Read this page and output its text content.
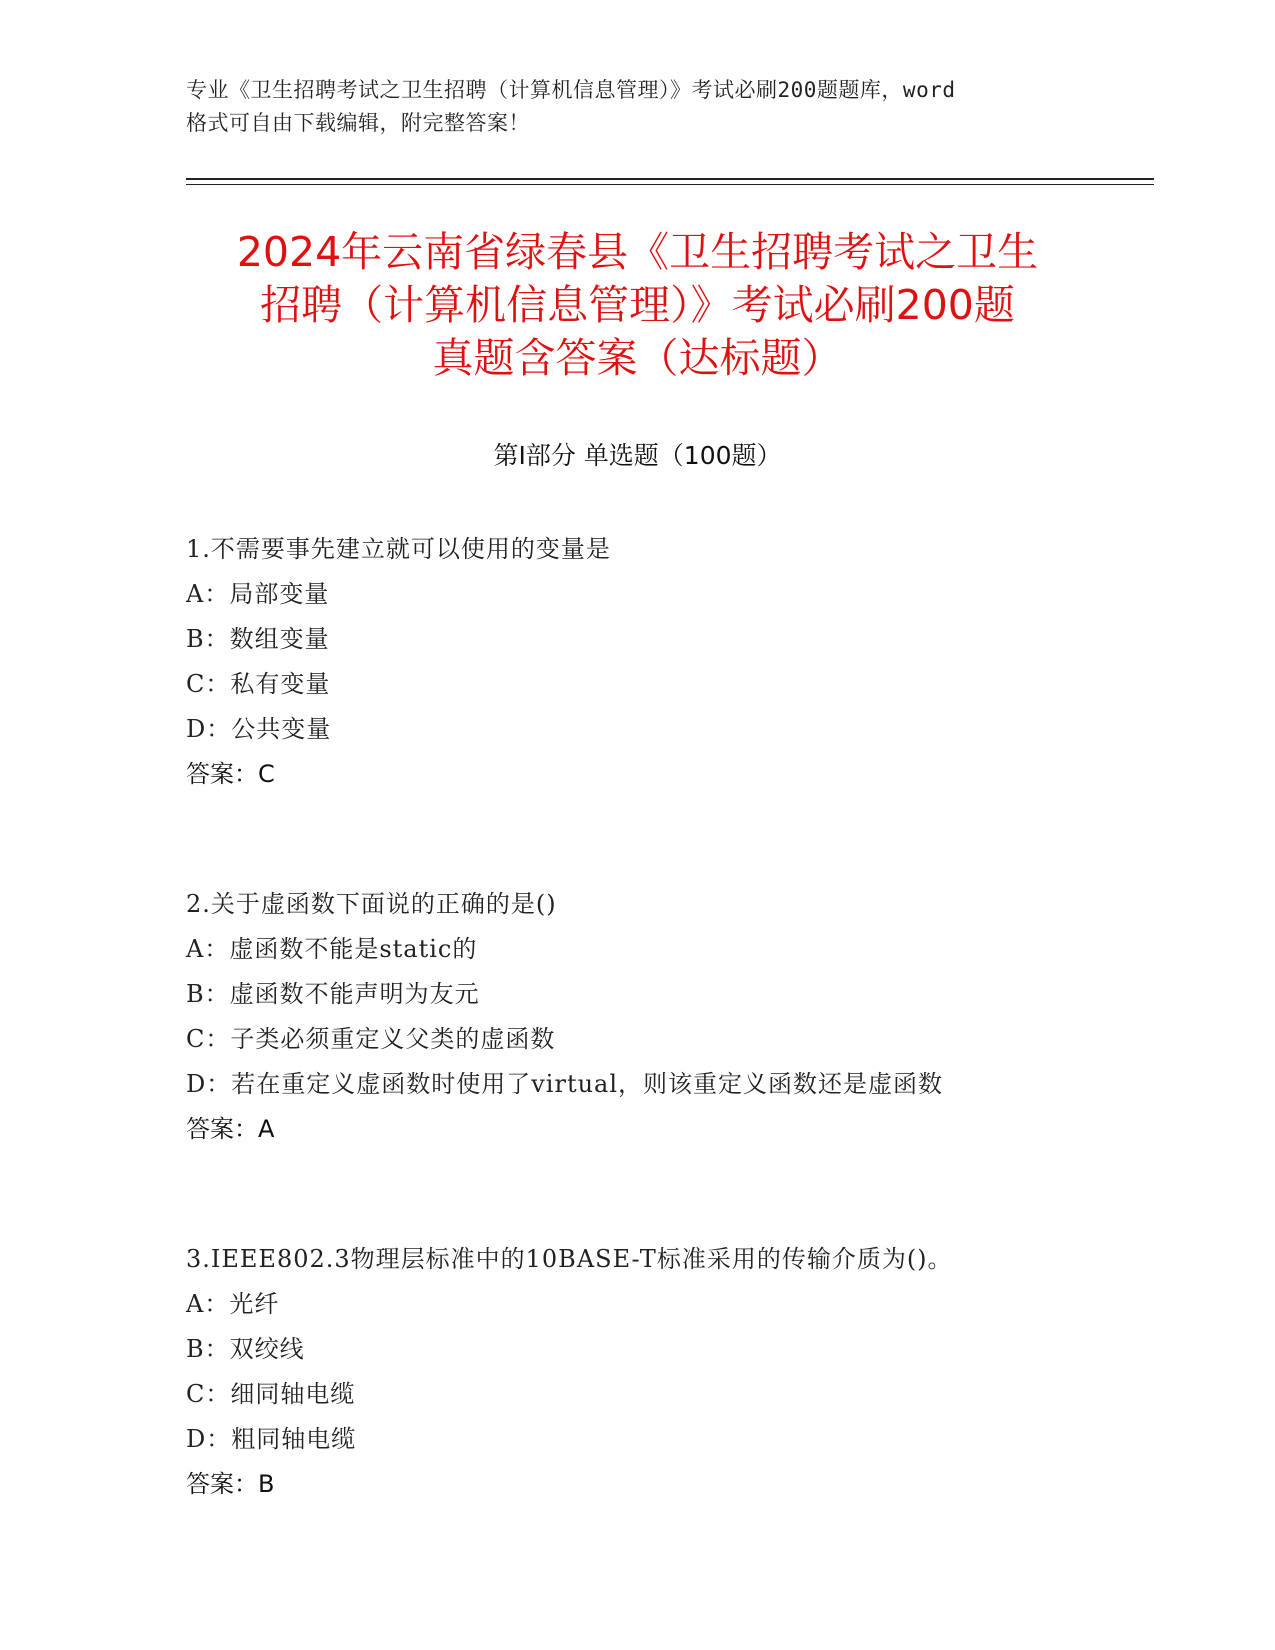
专业《卫生招聘考试之卫生招聘（计算机信息管理）》考试必刷200题题库，word
格式可自由下载编辑，附完整答案！
2024年云南省绿春县《卫生招聘考试之卫生
招聘（计算机信息管理）》考试必刷200题
真题含答案（达标题）
第Ⅰ部分 单选题（100题）
1.不需要事先建立就可以使用的变量是
A：局部变量
B：数组变量
C：私有变量
D：公共变量
答案：C
2.关于虚函数下面说的正确的是()
A：虚函数不能是static的
B：虚函数不能声明为友元
C：子类必须重定义父类的虚函数
D：若在重定义虚函数时使用了virtual，则该重定义函数还是虚函数
答案：A
3.IEEE802.3物理层标准中的10BASE-T标准采用的传输介质为()。
A：光纤
B：双绞线
C：细同轴电缆
D：粗同轴电缆
答案：B
